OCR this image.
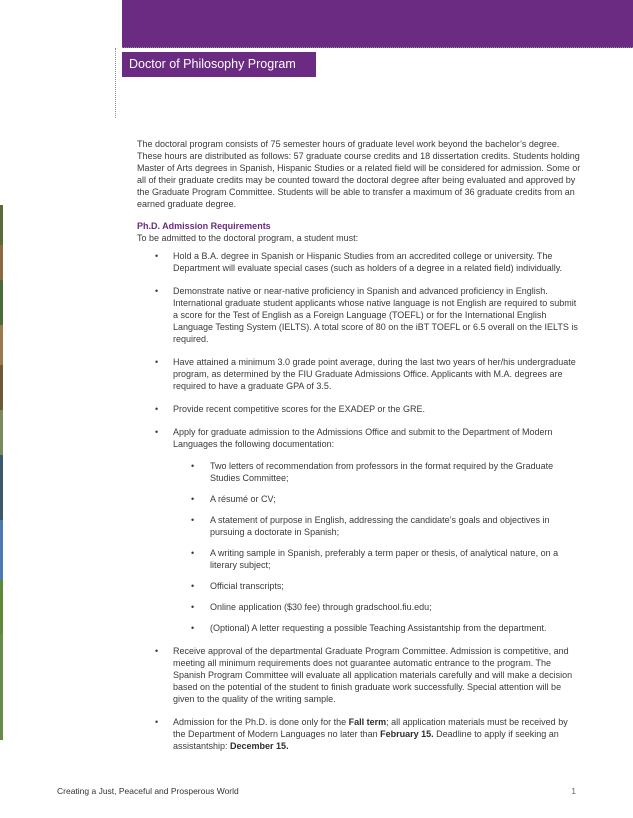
Doctor of Philosophy Program

The doctoral program consists of 75 semester hours of graduate level work beyond the bachelor’s degree. These hours are distributed as follows: 57 graduate course credits and 18 dissertation credits. Students holding Master of Arts degrees in Spanish, Hispanic Studies or a related field will be considered for admission. Some or all of their graduate credits may be counted toward the doctoral degree after being evaluated and approved by the Graduate Program Committee. Students will be able to transfer a maximum of 36 graduate credits from an earned graduate degree.

Ph.D. Admission Requirements

To be admitted to the doctoral program, a student must:

• Hold a B.A. degree in Spanish or Hispanic Studies from an accredited college or university. The Department will evaluate special cases (such as holders of a degree in a related field) individually.
• Demonstrate native or near-native proficiency in Spanish and advanced proficiency in English. International graduate student applicants whose native language is not English are required to submit a score for the Test of English as a Foreign Language (TOEFL) or for the International English Language Testing System (IELTS). A total score of 80 on the iBT TOEFL or 6.5 overall on the IELTS is required.
• Have attained a minimum 3.0 grade point average, during the last two years of her/his undergraduate program, as determined by the FIU Graduate Admissions Office. Applicants with M.A. degrees are required to have a graduate GPA of 3.5.
• Provide recent competitive scores for the EXADEP or the GRE.
• Apply for graduate admission to the Admissions Office and submit to the Department of Modern Languages the following documentation:
• Two letters of recommendation from professors in the format required by the Graduate Studies Committee;
• A résumé or CV;
• A statement of purpose in English, addressing the candidate’s goals and objectives in pursuing a doctorate in Spanish;
• A writing sample in Spanish, preferably a term paper or thesis, of analytical nature, on a literary subject;
• Official transcripts;
• Online application ($30 fee) through gradschool.fiu.edu;
• (Optional) A letter requesting a possible Teaching Assistantship from the department.
• Receive approval of the departmental Graduate Program Committee. Admission is competitive, and meeting all minimum requirements does not guarantee automatic entrance to the program. The Spanish Program Committee will evaluate all application materials carefully and will make a decision based on the potential of the student to finish graduate work successfully. Special attention will be given to the quality of the writing sample.
• Admission for the Ph.D. is done only for the Fall term; all application materials must be received by the Department of Modern Languages no later than February 15. Deadline to apply if seeking an assistantship: December 15.
Creating a Just, Peaceful and Prosperous World	1
